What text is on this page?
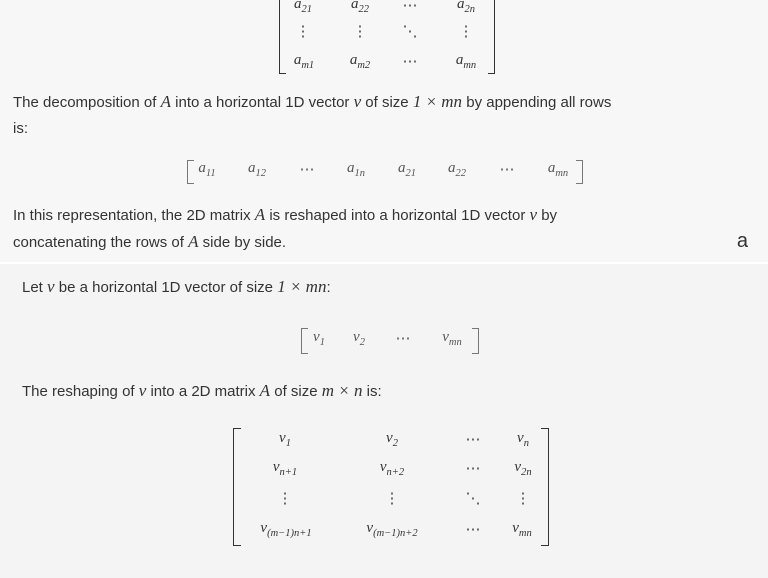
$a_{21}$	$a_{22}$	⋯	$a_{2n}$
⋮	⋮	⋱	⋮
$a_{m1}$	$a_{m2}$	⋯	$a_{mn}$
The decomposition of A into a horizontal 1D vector v of size 1 × mn by appending all rows
is:
$a_{11}$	$a_{12}$	⋯	$a_{1n}$	$a_{21}$	$a_{22}$	⋯	$a_{mn}$
In this representation, the 2D matrix A is reshaped into a horizontal 1D vector v by
concatenating the rows of A side by side.	a
Let v be a horizontal 1D vector of size 1 × mn:
$v_1$	$v_2$	⋯	$v_{mn}$
The reshaping of v into a 2D matrix A of size m × n is:
$v_1$	$v_2$	⋯	$v_n$
$v_{n+1}$	$v_{n+2}$	⋯	$v_{2n}$
⋮	⋮	⋱	⋮
$v_{(m-1)n+1}$	$v_{(m-1)n+2}$	⋯	$v_{mn}$
